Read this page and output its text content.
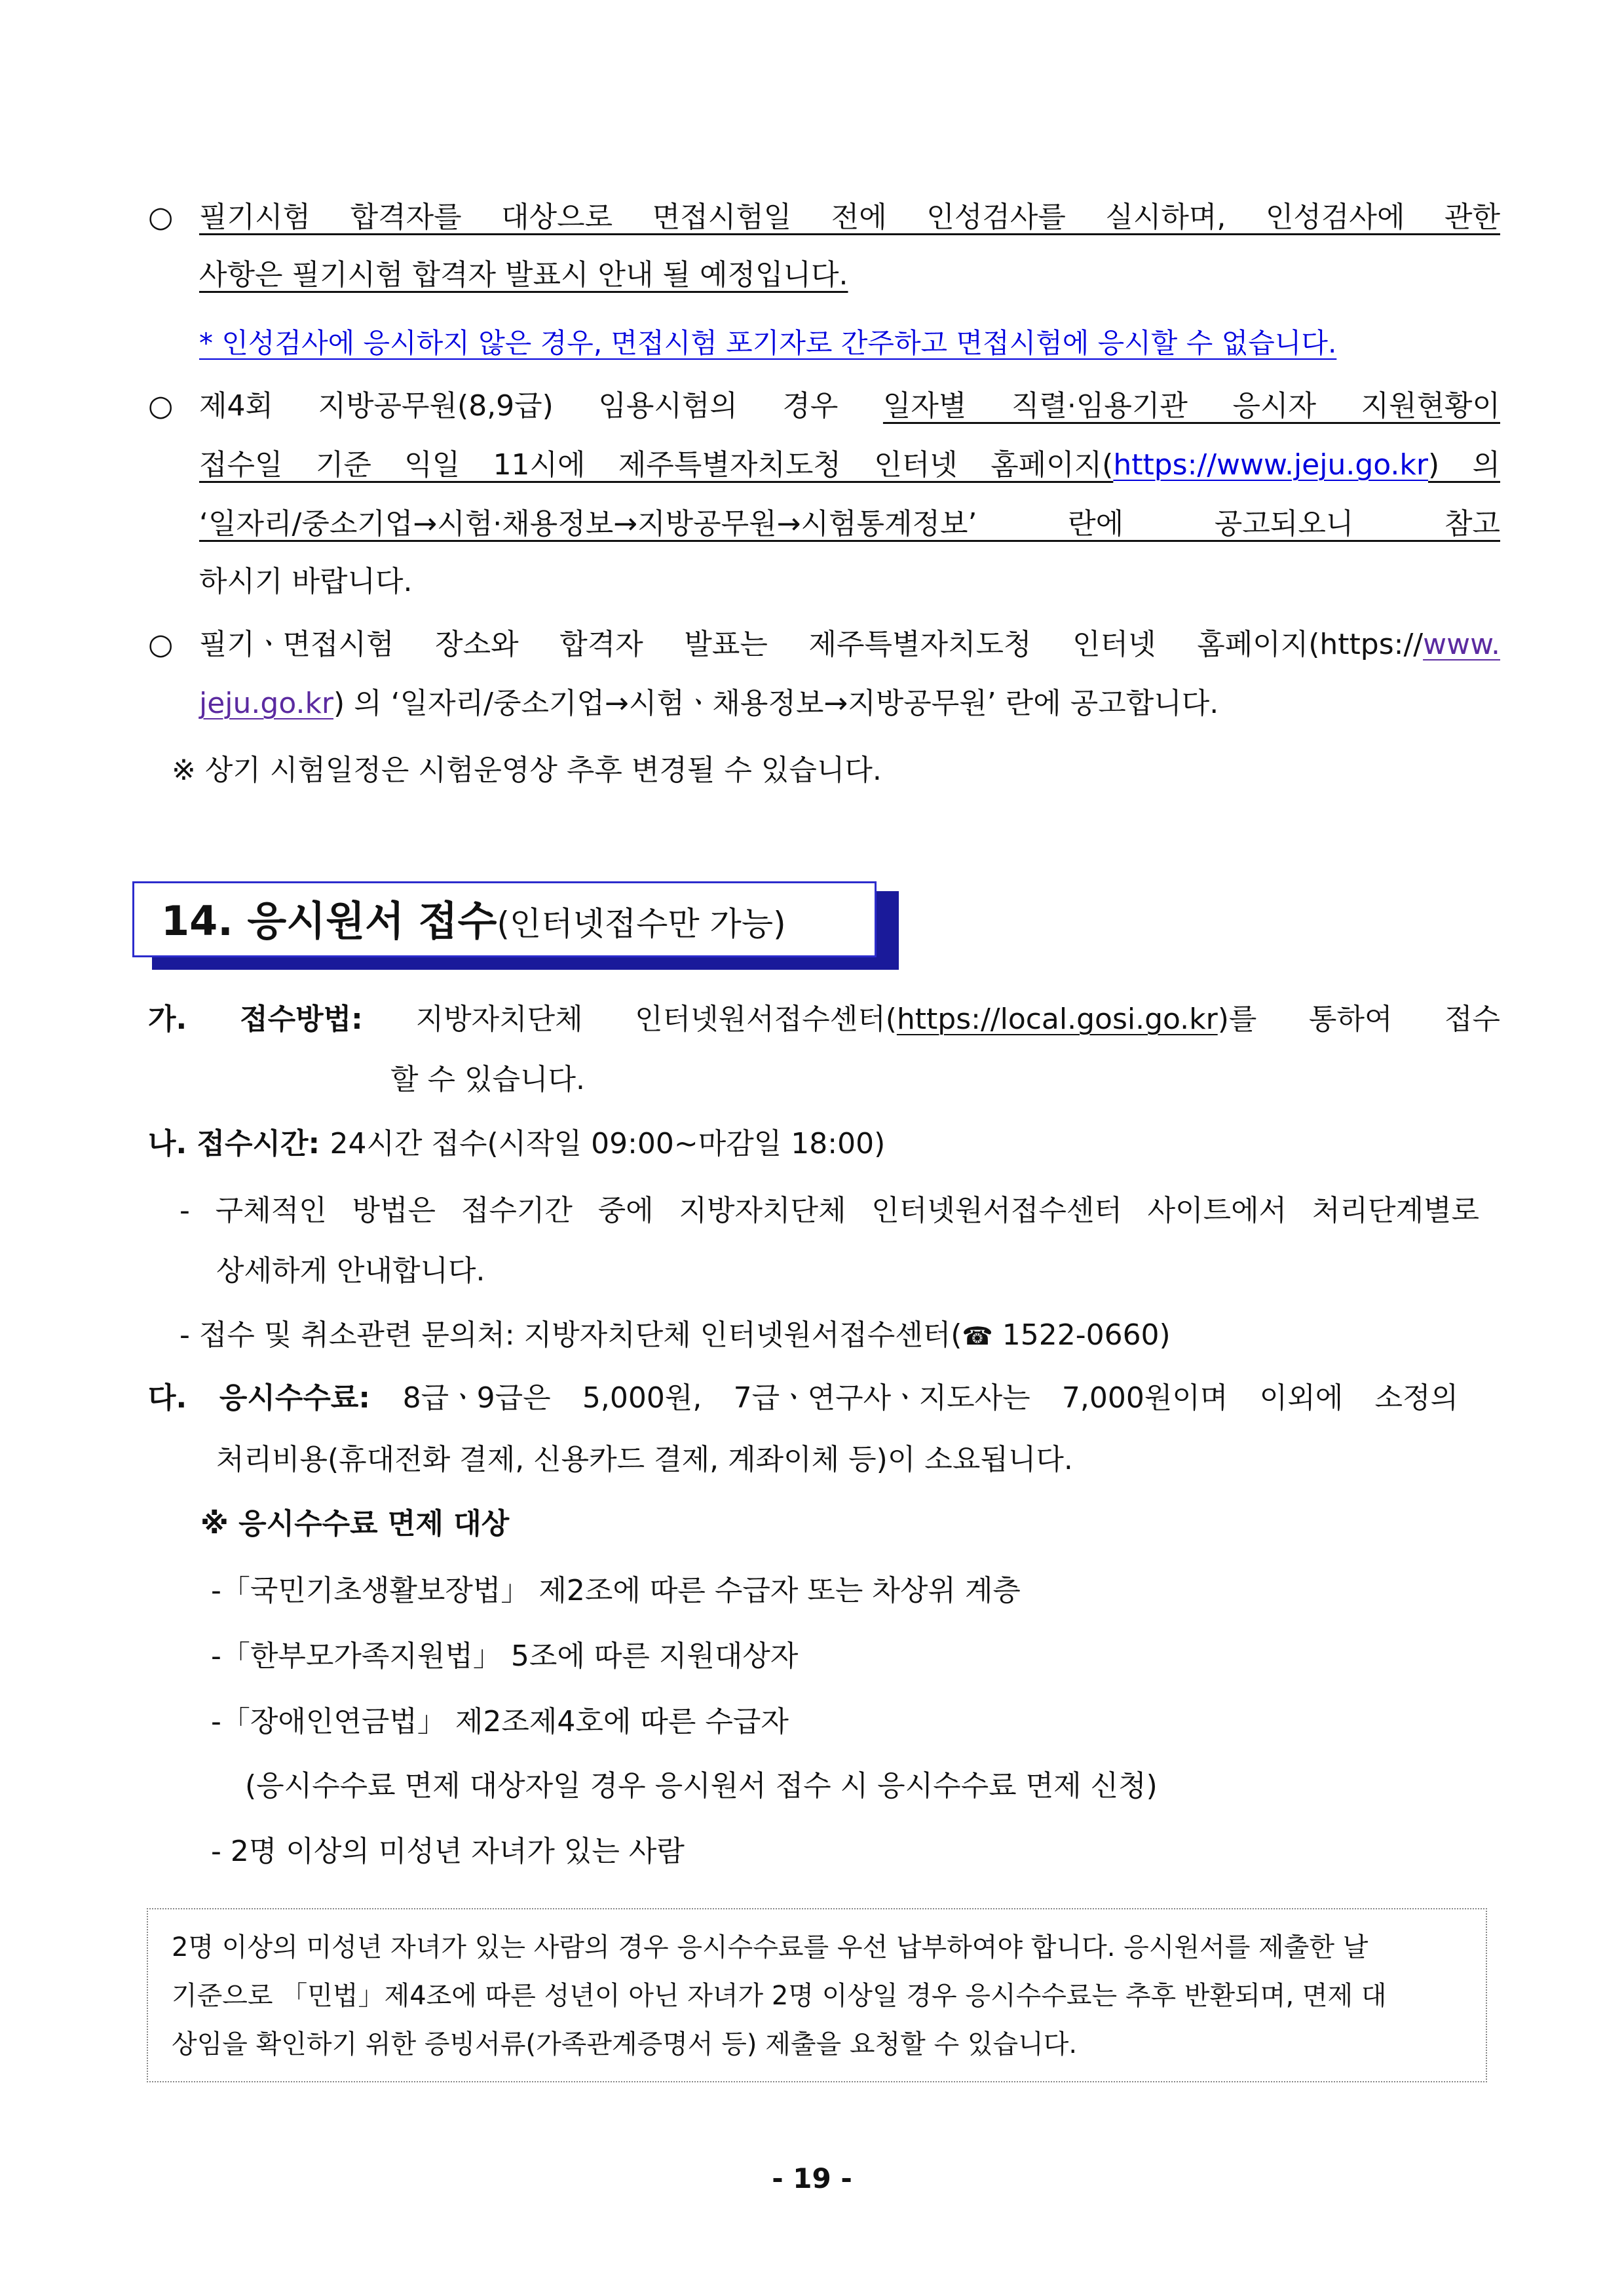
○ 필기시험 합격자를 대상으로 면접시험일 전에 인성검사를 실시하며, 인성검사에 관한
사항은 필기시험 합격자 발표시 안내 될 예정입니다.
* 인성검사에 응시하지 않은 경우, 면접시험 포기자로 간주하고 면접시험에 응시할 수 없습니다.
○ 제4회 지방공무원(8,9급) 임용시험의 경우 일자별 직렬·임용기관 응시자 지원현황이
접수일 기준 익일 11시에 제주특별자치도청 인터넷 홈페이지(https://www.jeju.go.kr) 의
‘일자리/중소기업→시험·채용정보→지방공무원→시험통계정보’ 란에 공고되오니 참고
하시기 바랍니다.
○ 필기ㆍ면접시험 장소와 합격자 발표는 제주특별자치도청 인터넷 홈페이지(https://www.
jeju.go.kr) 의 ‘일자리/중소기업→시험ㆍ채용정보→지방공무원’ 란에 공고합니다.
※ 상기 시험일정은 시험운영상 추후 변경될 수 있습니다.
14. 응시원서 접수(인터넷접수만 가능)
가. 접수방법: 지방자치단체 인터넷원서접수센터(https://local.gosi.go.kr)를 통하여 접수
할 수 있습니다.
나. 접수시간: 24시간 접수(시작일 09:00~마감일 18:00)
- 구체적인 방법은 접수기간 중에 지방자치단체 인터넷원서접수센터 사이트에서 처리단계별로
상세하게 안내합니다.
- 접수 및 취소관련 문의처: 지방자치단체 인터넷원서접수센터(☎ 1522-0660)
다. 응시수수료: 8급ㆍ9급은 5,000원, 7급ㆍ연구사ㆍ지도사는 7,000원이며 이외에 소정의
처리비용(휴대전화 결제, 신용카드 결제, 계좌이체 등)이 소요됩니다.
※ 응시수수료 면제 대상
-「국민기초생활보장법」 제2조에 따른 수급자 또는 차상위 계층
-「한부모가족지원법」 5조에 따른 지원대상자
-「장애인연금법」 제2조제4호에 따른 수급자
(응시수수료 면제 대상자일 경우 응시원서 접수 시 응시수수료 면제 신청)
- 2명 이상의 미성년 자녀가 있는 사람
2명 이상의 미성년 자녀가 있는 사람의 경우 응시수수료를 우선 납부하여야 합니다. 응시원서를 제출한 날
기준으로 「민법」제4조에 따른 성년이 아닌 자녀가 2명 이상일 경우 응시수수료는 추후 반환되며, 면제 대
상임을 확인하기 위한 증빙서류(가족관계증명서 등) 제출을 요청할 수 있습니다.
- 19 -
